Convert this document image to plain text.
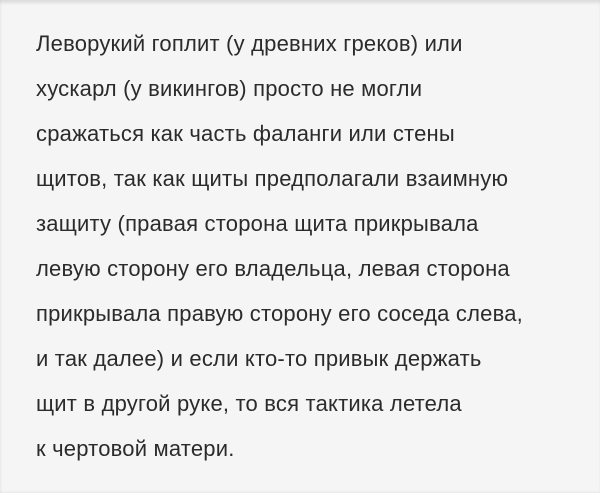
Леворукий гоплит (у древних греков) или
хускарл (у викингов) просто не могли
сражаться как часть фаланги или стены
щитов, так как щиты предполагали взаимную
защиту (правая сторона щита прикрывала
левую сторону его владельца, левая сторона
прикрывала правую сторону его соседа слева,
и так далее) и если кто-то привык держать
щит в другой руке, то вся тактика летела
к чертовой матери.
